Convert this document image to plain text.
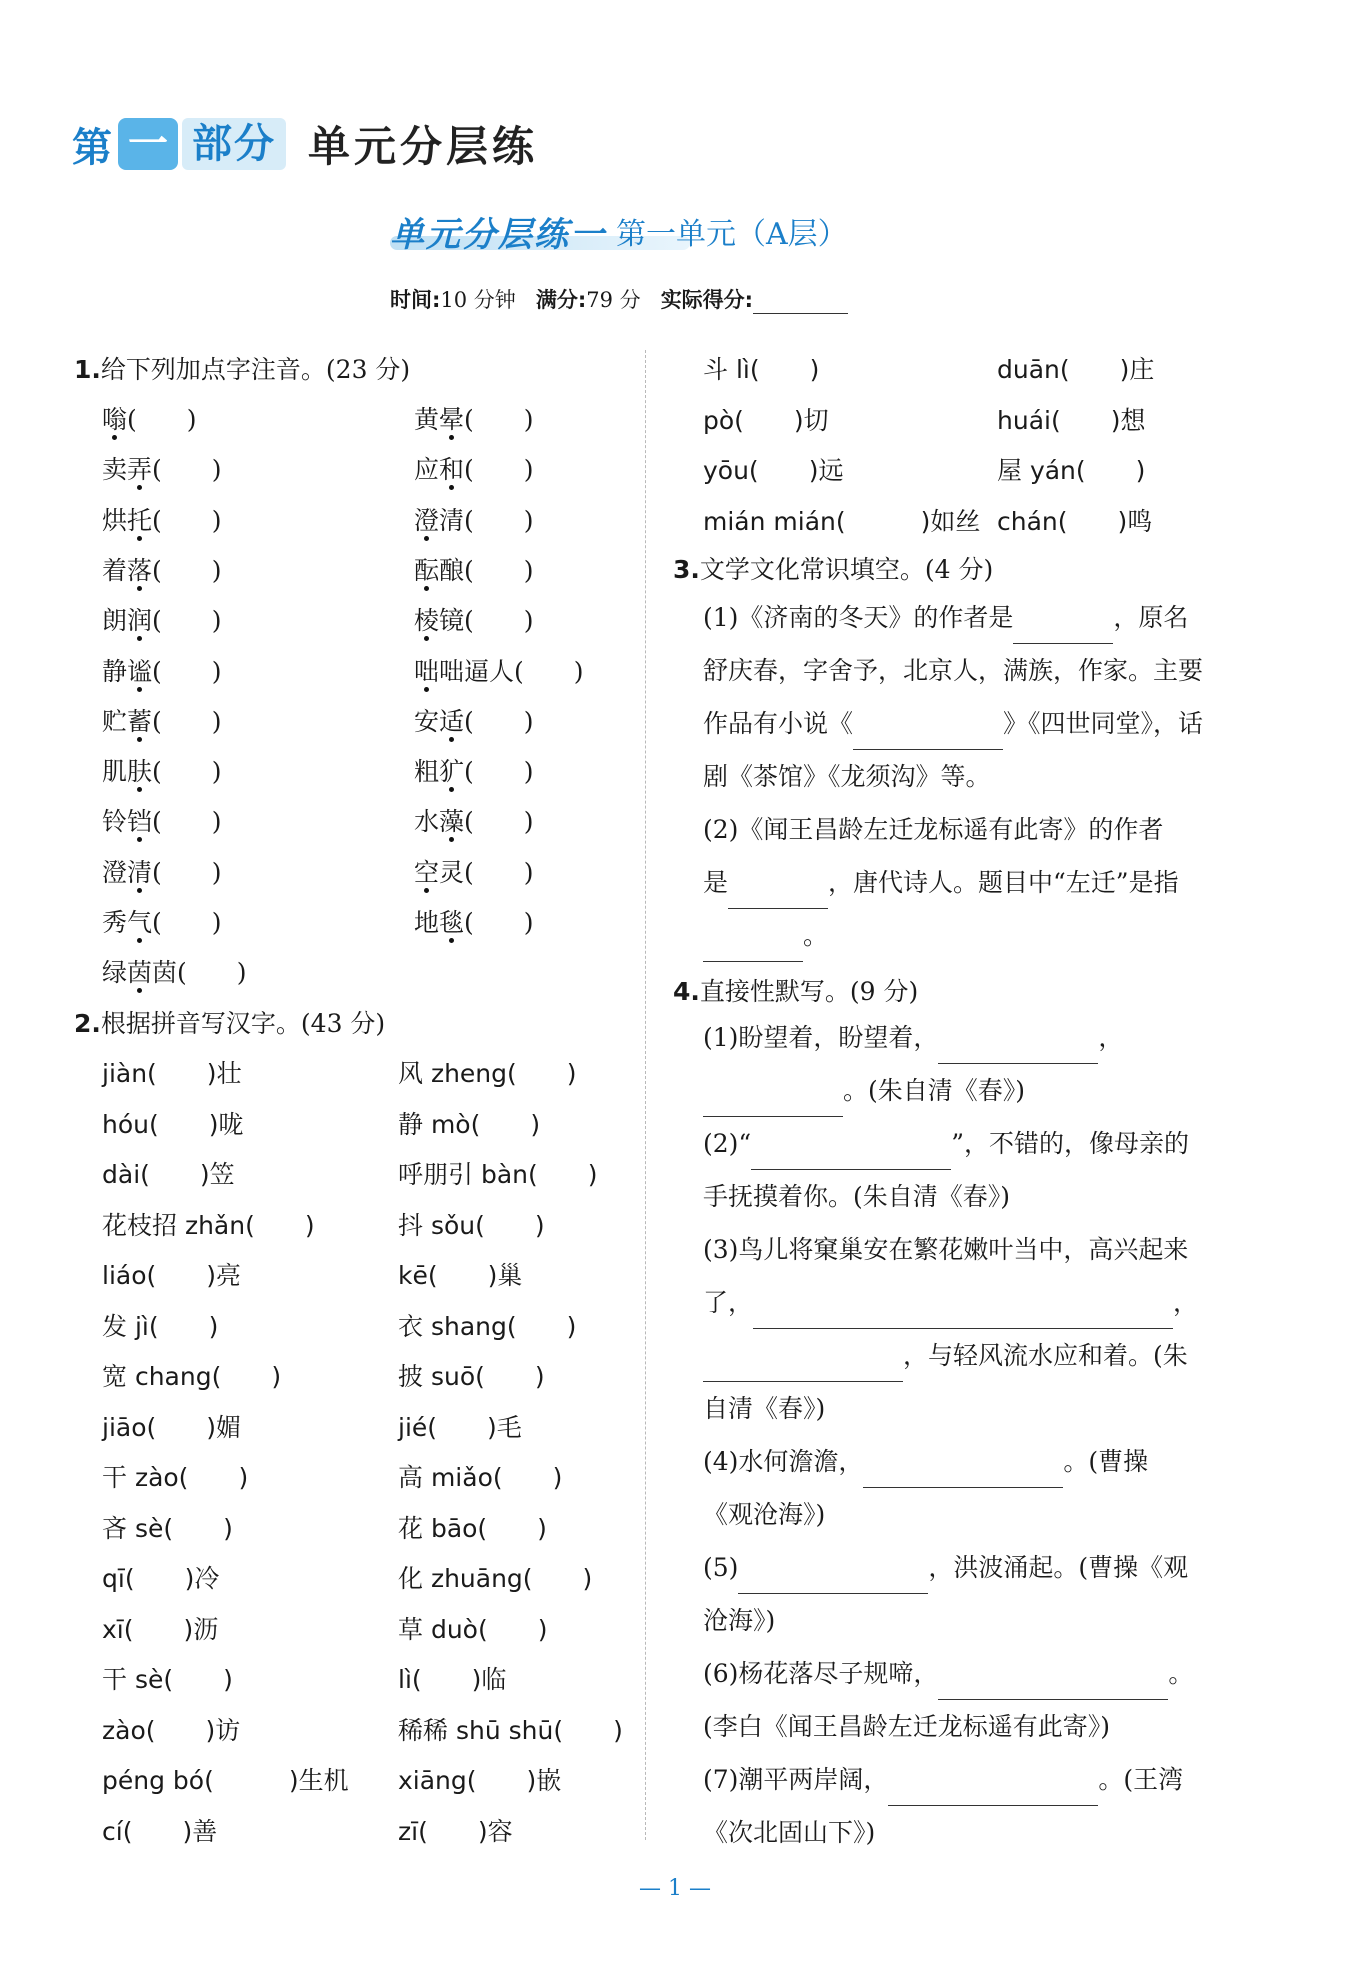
第 一 部分 单元分层练
单元分层练一 第一单元（A层）
时间:10 分钟 满分:79 分 实际得分:
1.给下列加点字注音。(23 分)
嗡(　　)
卖弄(　　)
烘托(　　)
着落(　　)
朗润(　　)
静谧(　　)
贮蓄(　　)
肌肤(　　)
铃铛(　　)
澄清(　　)
秀气(　　)
绿茵茵(　　)
黄晕(　　)
应和(　　)
澄清(　　)
酝酿(　　)
棱镜(　　)
咄咄逼人(　　)
安适(　　)
粗犷(　　)
水藻(　　)
空灵(　　)
地毯(　　)
2.根据拼音写汉字。(43 分)
jiàn(　　)壮
hóu(　　)咙
dài(　　)笠
花枝招 zhǎn(　　)
liáo(　　)亮
发 jì(　　)
宽 chang(　　)
jiāo(　　)媚
干 zào(　　)
吝 sè(　　)
qī(　　)冷
xī(　　)沥
干 sè(　　)
zào(　　)访
péng bó(　　　)生机
cí(　　)善
风 zheng(　　)
静 mò(　　)
呼朋引 bàn(　　)
抖 sǒu(　　)
kē(　　)巢
衣 shang(　　)
披 suō(　　)
jié(　　)毛
高 miǎo(　　)
花 bāo(　　)
化 zhuāng(　　)
草 duò(　　)
lì(　　)临
稀稀 shū shū(　　)
xiāng(　　)嵌
zī(　　)容
斗 lì(　　)
pò(　　)切
yōu(　　)远
mián mián(　　　)如丝
duān(　　)庄
huái(　　)想
屋 yán(　　)
chán(　　)鸣
3.文学文化常识填空。(4 分)
(1)《济南的冬天》的作者是	，原名
舒庆春，字舍予，北京人，满族，作家。主要
作品有小说《	》《四世同堂》，话
剧《茶馆》《龙须沟》等。
(2)《闻王昌龄左迁龙标遥有此寄》的作者
是	，唐代诗人。题目中“左迁”是指
。
4.直接性默写。(9 分)
(1)盼望着，盼望着，	，
。(朱自清《春》)
(2)“	”，不错的，像母亲的
手抚摸着你。(朱自清《春》)
(3)鸟儿将窠巢安在繁花嫩叶当中，高兴起来
了，	，
，与轻风流水应和着。(朱
自清《春》)
(4)水何澹澹，	。(曹操
《观沧海》)
(5)	，洪波涌起。(曹操《观
沧海》)
(6)杨花落尽子规啼，	。
(李白《闻王昌龄左迁龙标遥有此寄》)
(7)潮平两岸阔，	。(王湾
《次北固山下》)
— 1 —
